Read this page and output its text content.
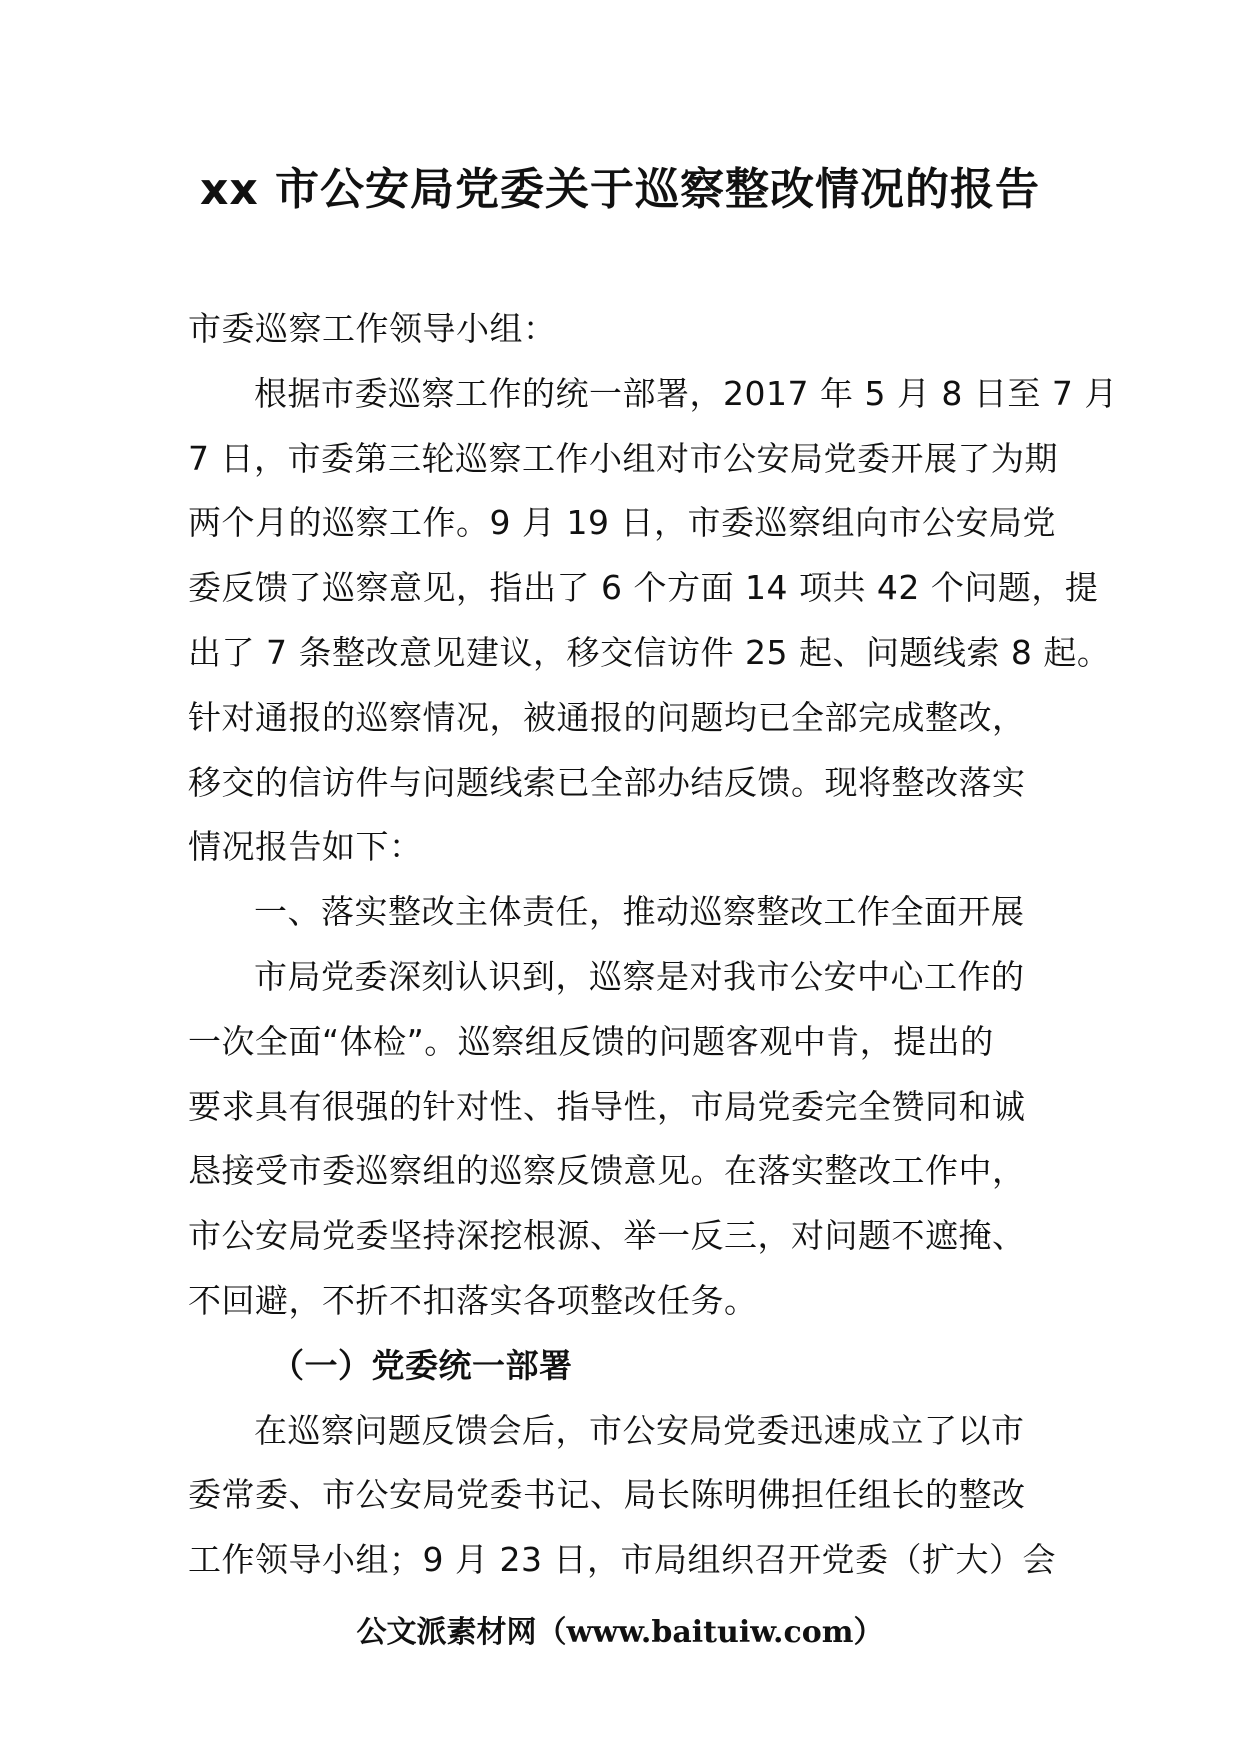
xx 市公安局党委关于巡察整改情况的报告
市委巡察工作领导小组：
根据市委巡察工作的统一部署，2017 年 5 月 8 日至 7 月
7 日，市委第三轮巡察工作小组对市公安局党委开展了为期
两个月的巡察工作。9 月 19 日，市委巡察组向市公安局党
委反馈了巡察意见，指出了 6 个方面 14 项共 42 个问题，提
出了 7 条整改意见建议，移交信访件 25 起、问题线索 8 起。
针对通报的巡察情况，被通报的问题均已全部完成整改，
移交的信访件与问题线索已全部办结反馈。现将整改落实
情况报告如下：
一、落实整改主体责任，推动巡察整改工作全面开展
市局党委深刻认识到，巡察是对我市公安中心工作的
一次全面“体检”。巡察组反馈的问题客观中肯，提出的
要求具有很强的针对性、指导性，市局党委完全赞同和诚
恳接受市委巡察组的巡察反馈意见。在落实整改工作中，
市公安局党委坚持深挖根源、举一反三，对问题不遮掩、
不回避，不折不扣落实各项整改任务。
（一）党委统一部署
在巡察问题反馈会后，市公安局党委迅速成立了以市
委常委、市公安局党委书记、局长陈明佛担任组长的整改
工作领导小组；9 月 23 日，市局组织召开党委（扩大）会
公文派素材网（www.baituiw.com）
